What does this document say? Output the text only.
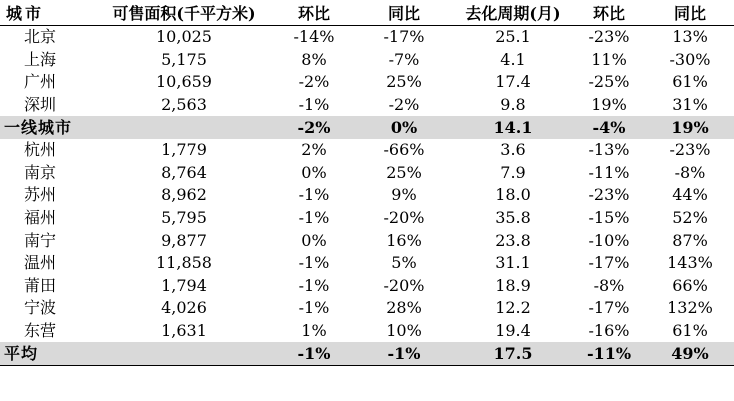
城市	可售面积(千平方米)	环比	同比	去化周期(月)	环比	同比
北京	10,025	-14%	-17%	25.1	-23%	13%
上海	5,175	8%	-7%	4.1	11%	-30%
广州	10,659	-2%	25%	17.4	-25%	61%
深圳	2,563	-1%	-2%	9.8	19%	31%
一线城市		-2%	0%	14.1	-4%	19%
杭州	1,779	2%	-66%	3.6	-13%	-23%
南京	8,764	0%	25%	7.9	-11%	-8%
苏州	8,962	-1%	9%	18.0	-23%	44%
福州	5,795	-1%	-20%	35.8	-15%	52%
南宁	9,877	0%	16%	23.8	-10%	87%
温州	11,858	-1%	5%	31.1	-17%	143%
莆田	1,794	-1%	-20%	18.9	-8%	66%
宁波	4,026	-1%	28%	12.2	-17%	132%
东营	1,631	1%	10%	19.4	-16%	61%
平均		-1%	-1%	17.5	-11%	49%
